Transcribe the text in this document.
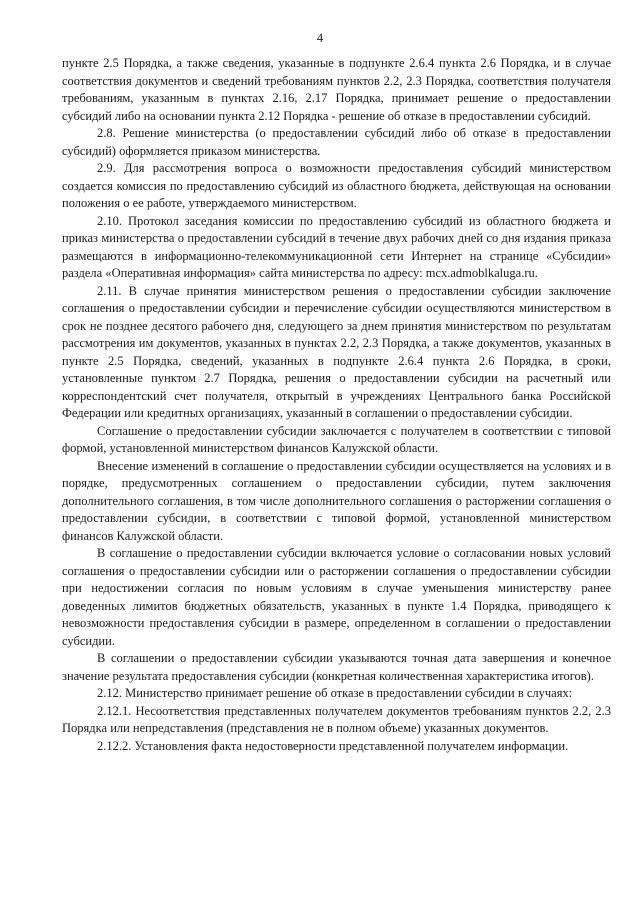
4

пункте 2.5 Порядка, а также сведения, указанные в подпункте 2.6.4 пункта 2.6 Порядка, и в случае соответствия документов и сведений требованиям пунктов 2.2, 2.3 Порядка, соответствия получателя требованиям, указанным в пунктах 2.16, 2.17 Порядка, принимает решение о предоставлении субсидий либо на основании пункта 2.12 Порядка - решение об отказе в предоставлении субсидий.

2.8. Решение министерства (о предоставлении субсидий либо об отказе в предоставлении субсидий) оформляется приказом министерства.

2.9. Для рассмотрения вопроса о возможности предоставления субсидий министерством создается комиссия по предоставлению субсидий из областного бюджета, действующая на основании положения о ее работе, утверждаемого министерством.

2.10. Протокол заседания комиссии по предоставлению субсидий из областного бюджета и приказ министерства о предоставлении субсидий в течение двух рабочих дней со дня издания приказа размещаются в информационно-телекоммуникационной сети Интернет на странице «Субсидии» раздела «Оперативная информация» сайта министерства по адресу: mcx.admoblkaluga.ru.

2.11. В случае принятия министерством решения о предоставлении субсидии заключение соглашения о предоставлении субсидии и перечисление субсидии осуществляются министерством в срок не позднее десятого рабочего дня, следующего за днем принятия министерством по результатам рассмотрения им документов, указанных в пунктах 2.2, 2.3 Порядка, а также документов, указанных в пункте 2.5 Порядка, сведений, указанных в подпункте 2.6.4 пункта 2.6 Порядка, в сроки, установленные пунктом 2.7 Порядка, решения о предоставлении субсидии на расчетный или корреспондентский счет получателя, открытый в учреждениях Центрального банка Российской Федерации или кредитных организациях, указанный в соглашении о предоставлении субсидии.

Соглашение о предоставлении субсидии заключается с получателем в соответствии с типовой формой, установленной министерством финансов Калужской области.

Внесение изменений в соглашение о предоставлении субсидии осуществляется на условиях и в порядке, предусмотренных соглашением о предоставлении субсидии, путем заключения дополнительного соглашения, в том числе дополнительного соглашения о расторжении соглашения о предоставлении субсидии, в соответствии с типовой формой, установленной министерством финансов Калужской области.

В соглашение о предоставлении субсидии включается условие о согласовании новых условий соглашения о предоставлении субсидии или о расторжении соглашения о предоставлении субсидии при недостижении согласия по новым условиям в случае уменьшения министерству ранее доведенных лимитов бюджетных обязательств, указанных в пункте 1.4 Порядка, приводящего к невозможности предоставления субсидии в размере, определенном в соглашении о предоставлении субсидии.

В соглашении о предоставлении субсидии указываются точная дата завершения и конечное значение результата предоставления субсидии (конкретная количественная характеристика итогов).

2.12. Министерство принимает решение об отказе в предоставлении субсидии в случаях:

2.12.1. Несоответствия представленных получателем документов требованиям пунктов 2.2, 2.3 Порядка или непредставления (представления не в полном объеме) указанных документов.

2.12.2. Установления факта недостоверности представленной получателем информации.
